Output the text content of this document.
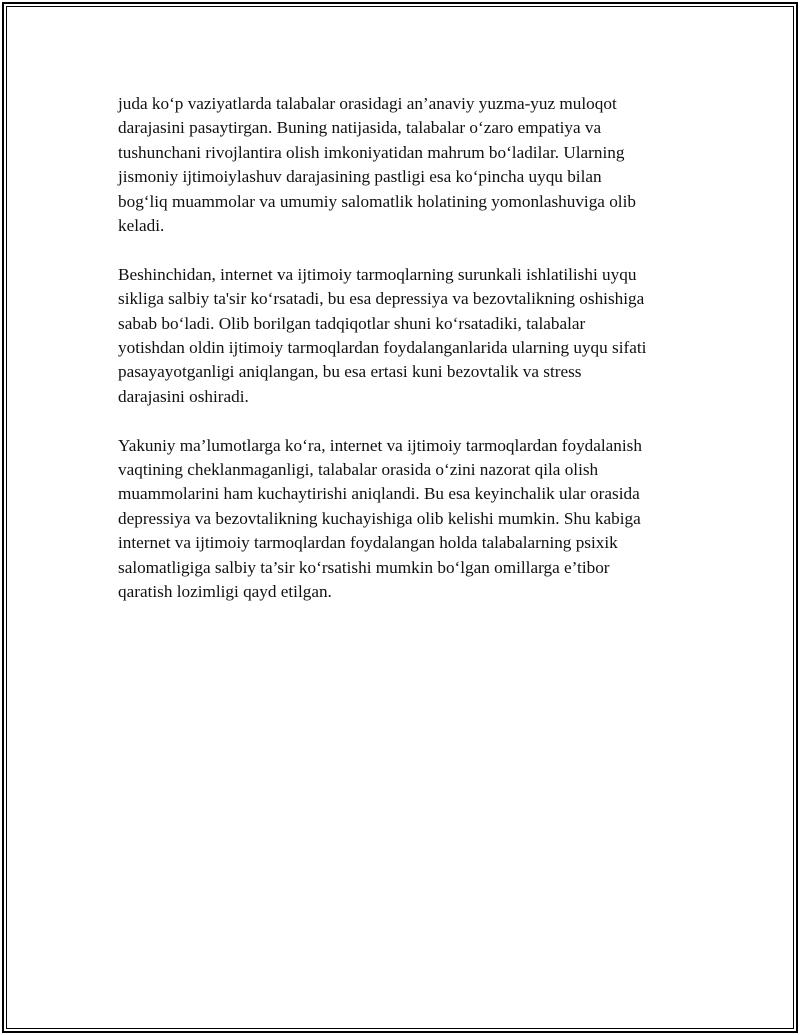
juda ko‘p vaziyatlarda talabalar orasidagi an’anaviy yuzma-yuz muloqot
darajasini pasaytirgan. Buning natijasida, talabalar o‘zaro empatiya va
tushunchani rivojlantira olish imkoniyatidan mahrum bo‘ladilar. Ularning
jismoniy ijtimoiylashuv darajasining pastligi esa ko‘pincha uyqu bilan
bog‘liq muammolar va umumiy salomatlik holatining yomonlashuviga olib
keladi.

Beshinchidan, internet va ijtimoiy tarmoqlarning surunkali ishlatilishi uyqu
sikliga salbiy ta'sir ko‘rsatadi, bu esa depressiya va bezovtalikning oshishiga
sabab bo‘ladi. Olib borilgan tadqiqotlar shuni ko‘rsatadiki, talabalar
yotishdan oldin ijtimoiy tarmoqlardan foydalanganlarida ularning uyqu sifati
pasayayotganligi aniqlangan, bu esa ertasi kuni bezovtalik va stress
darajasini oshiradi.

Yakuniy ma’lumotlarga ko‘ra, internet va ijtimoiy tarmoqlardan foydalanish
vaqtining cheklanmaganligi, talabalar orasida o‘zini nazorat qila olish
muammolarini ham kuchaytirishi aniqlandi. Bu esa keyinchalik ular orasida
depressiya va bezovtalikning kuchayishiga olib kelishi mumkin. Shu kabiga
internet va ijtimoiy tarmoqlardan foydalangan holda talabalarning psixik
salomatligiga salbiy ta’sir ko‘rsatishi mumkin bo‘lgan omillarga e’tibor
qaratish lozimligi qayd etilgan.
